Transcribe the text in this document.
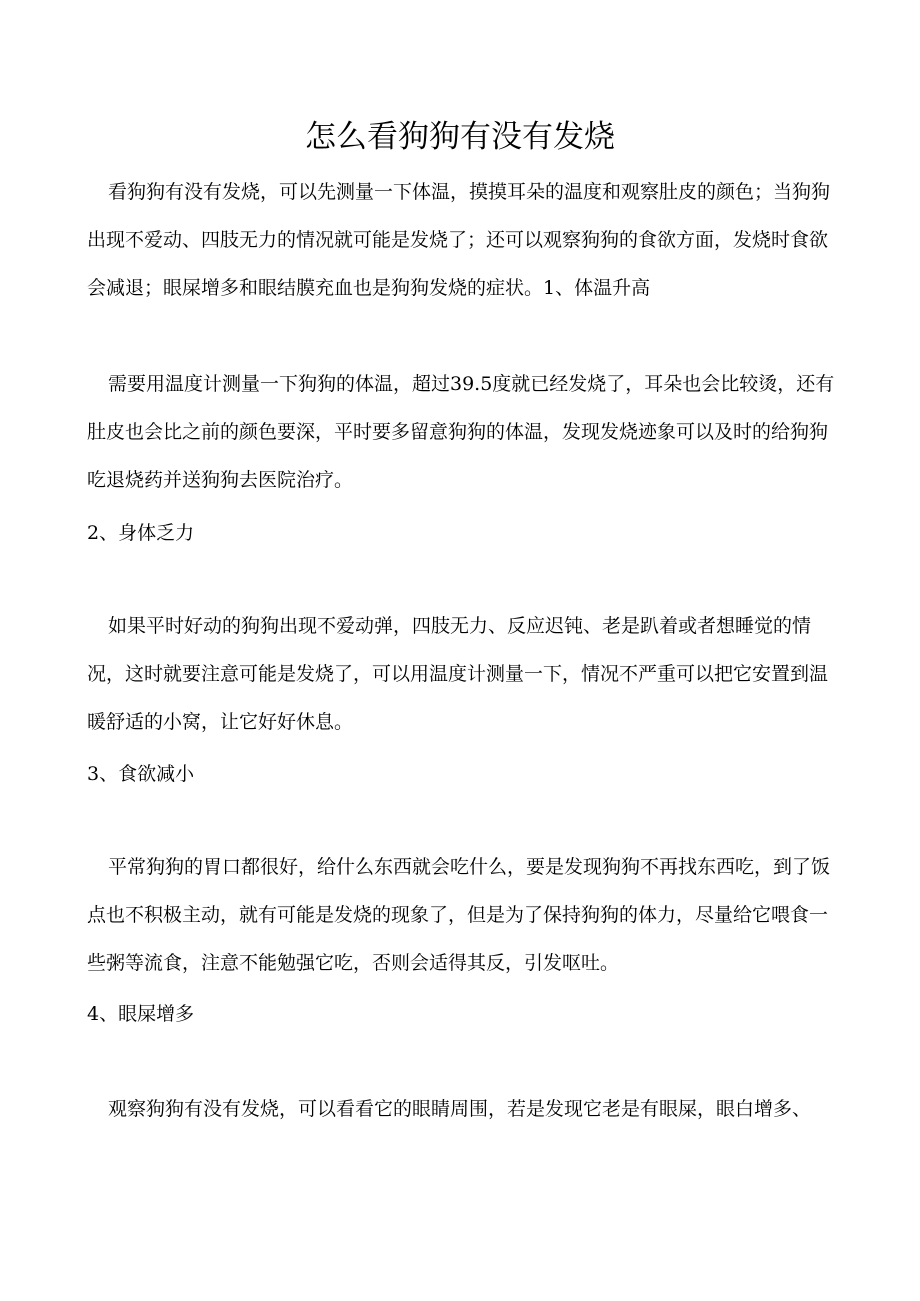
怎么看狗狗有没有发烧

看狗狗有没有发烧，可以先测量一下体温，摸摸耳朵的温度和观察肚皮的颜色；当狗狗出现不爱动、四肢无力的情况就可能是发烧了；还可以观察狗狗的食欲方面，发烧时食欲会减退；眼屎增多和眼结膜充血也是狗狗发烧的症状。1、体温升高

需要用温度计测量一下狗狗的体温，超过39.5度就已经发烧了，耳朵也会比较烫，还有肚皮也会比之前的颜色要深，平时要多留意狗狗的体温，发现发烧迹象可以及时的给狗狗吃退烧药并送狗狗去医院治疗。

2、身体乏力

如果平时好动的狗狗出现不爱动弹，四肢无力、反应迟钝、老是趴着或者想睡觉的情况，这时就要注意可能是发烧了，可以用温度计测量一下，情况不严重可以把它安置到温暖舒适的小窝，让它好好休息。

3、食欲减小

平常狗狗的胃口都很好，给什么东西就会吃什么，要是发现狗狗不再找东西吃，到了饭点也不积极主动，就有可能是发烧的现象了，但是为了保持狗狗的体力，尽量给它喂食一些粥等流食，注意不能勉强它吃，否则会适得其反，引发呕吐。

4、眼屎增多

观察狗狗有没有发烧，可以看看它的眼睛周围，若是发现它老是有眼屎，眼白增多、
